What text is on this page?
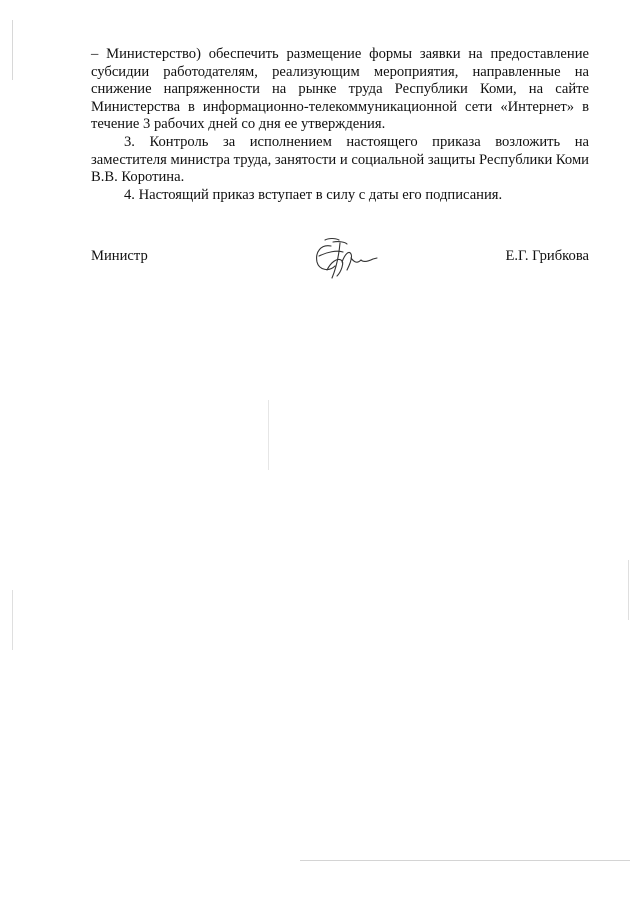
– Министерство) обеспечить размещение формы заявки на предоставление субсидии работодателям, реализующим мероприятия, направленные на снижение напряженности на рынке труда Республики Коми, на сайте Министерства в информационно-телекоммуникационной сети «Интернет» в течение 3 рабочих дней со дня ее утверждения.

3. Контроль за исполнением настоящего приказа возложить на заместителя министра труда, занятости и социальной защиты Республики Коми В.В. Коротина.

4. Настоящий приказ вступает в силу с даты его подписания.

Министр	Е.Г. Грибкова
